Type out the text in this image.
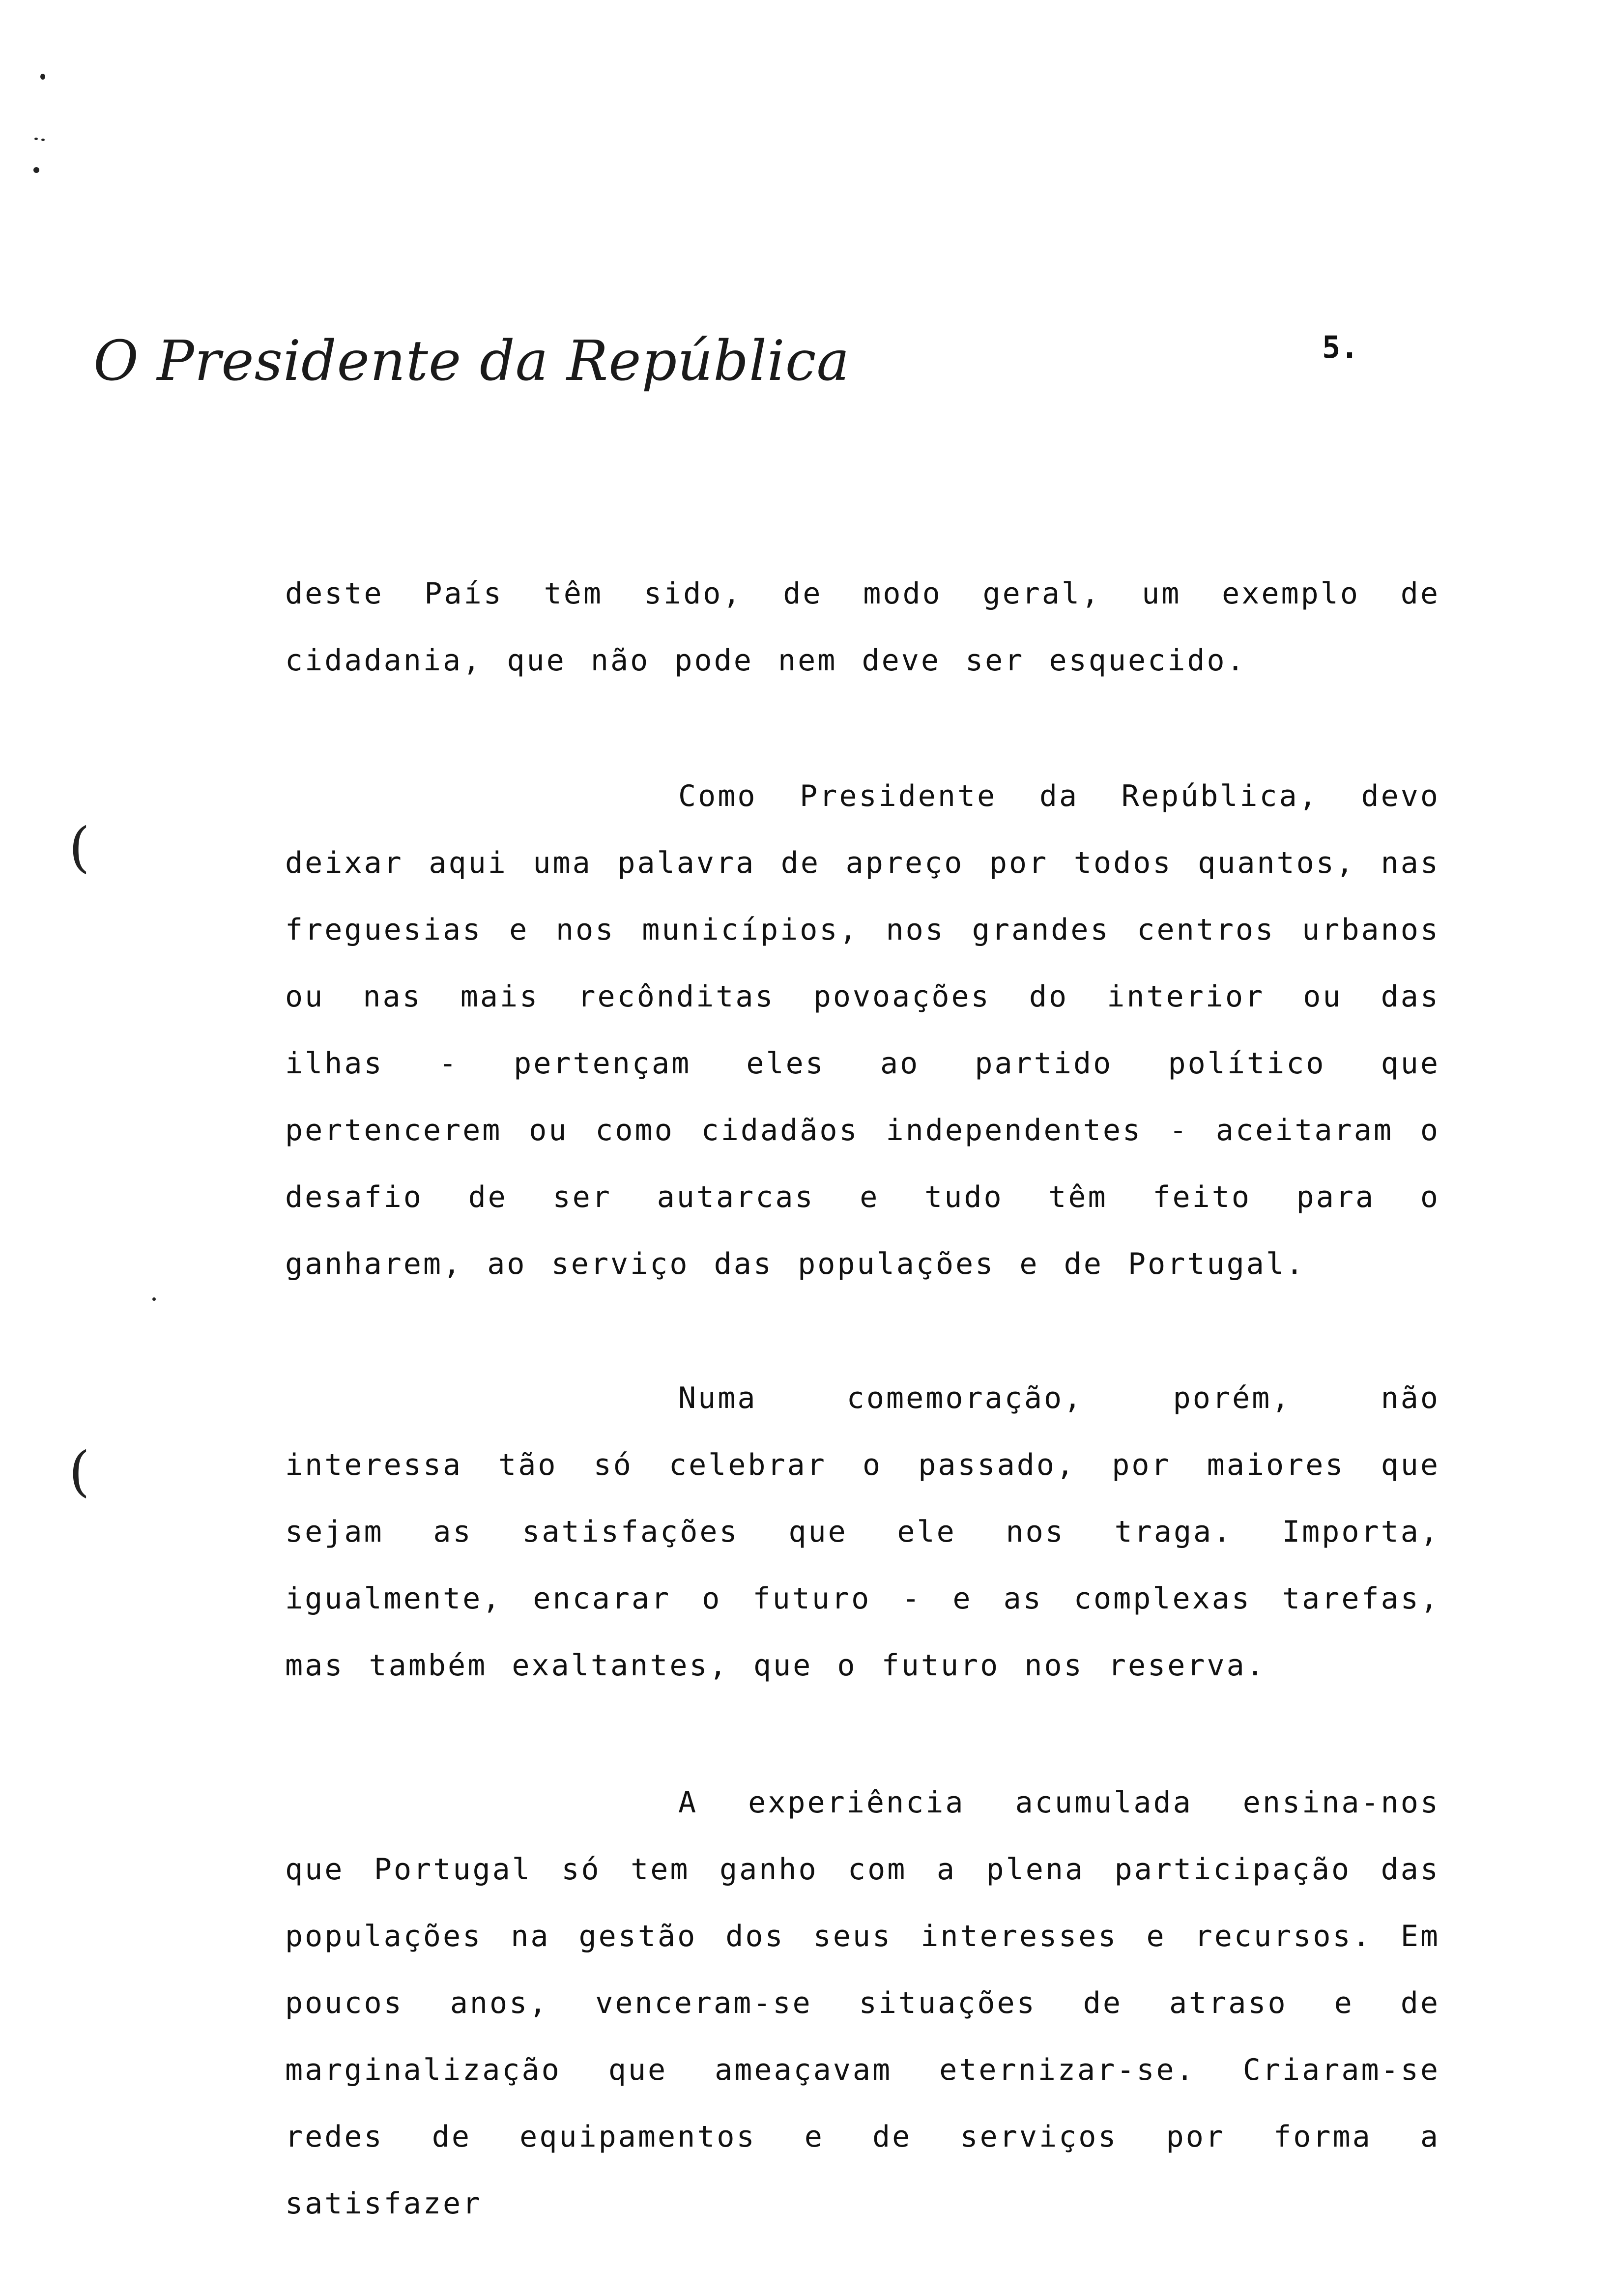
(
(
O Presidente da República	5.

deste País têm sido, de modo geral, um exemplo de cidadania, que não pode nem deve ser esquecido.

Como Presidente da República, devo deixar aqui uma palavra de apreço por todos quantos, nas freguesias e nos municípios, nos grandes centros urbanos ou nas mais recônditas povoações do interior ou das ilhas - pertençam eles ao partido político que pertencerem ou como cidadãos independentes - aceitaram o desafio de ser autarcas e tudo têm feito para o ganharem, ao serviço das populações e de Portugal.

Numa comemoração, porém, não interessa tão só celebrar o passado, por maiores que sejam as satisfações que ele nos traga. Importa, igualmente, encarar o futuro - e as complexas tarefas, mas também exaltantes, que o futuro nos reserva.

A experiência acumulada ensina-nos que Portugal só tem ganho com a plena participação das populações na gestão dos seus interesses e recursos. Em poucos anos, venceram-se situações de atraso e de marginalização que ameaçavam eternizar-se. Criaram-se redes de equipamentos e de serviços por forma a satisfazer
